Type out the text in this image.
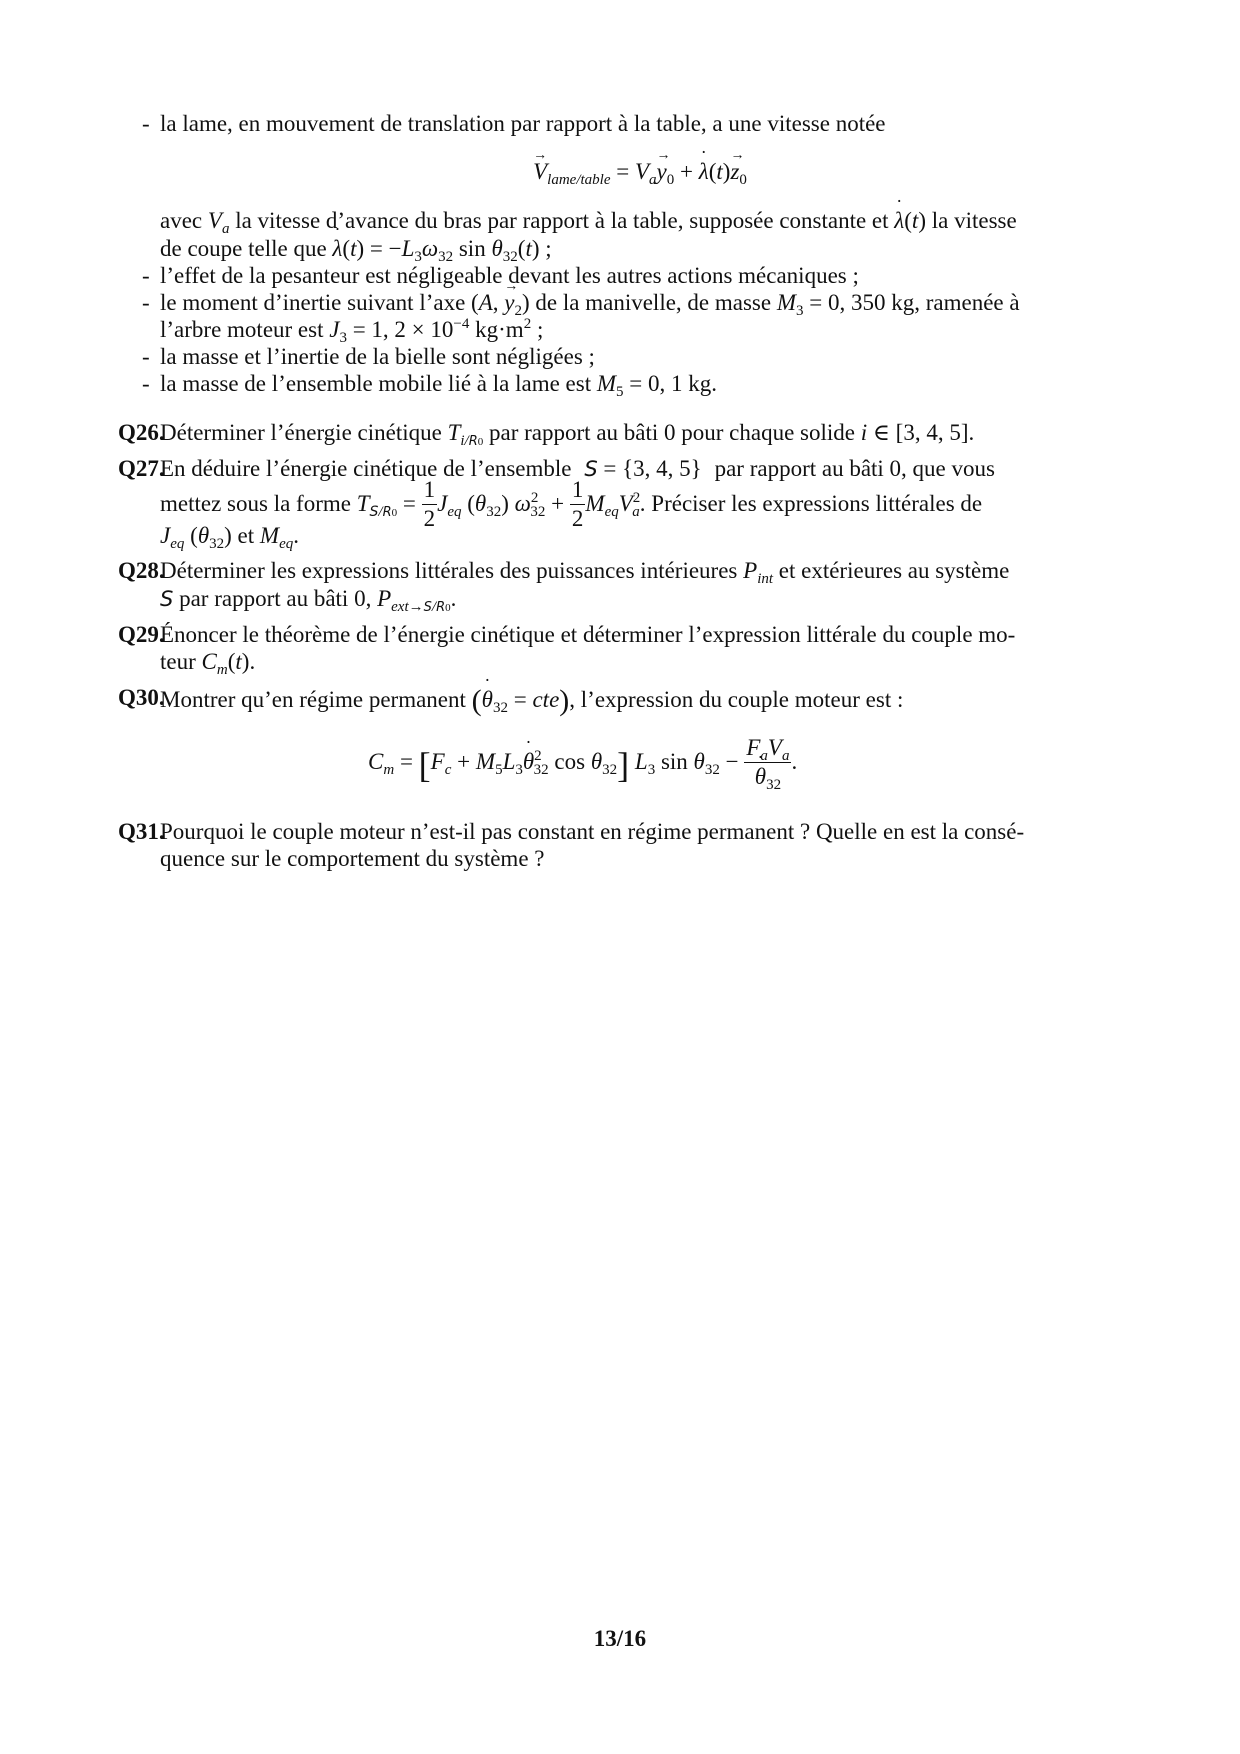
- la lame, en mouvement de translation par rapport à la table, a une vitesse notée
$V \to_{lame/table} = V_ay \to_0 + \lambda$ ˙(t)z $\to_0$
avec $V_a$ la vitesse d’avance du bras par rapport à la table, supposée constante et λ ˙(t) la vitesse
de coupe telle que λ ˙(t) = $-L_3\omega_{32}$ $\sin \theta_{32}(t)$ ;
- l’effet de la pesanteur est négligeable devant les autres actions mécaniques ;
- le moment d’inertie suivant l’axe (A, $y \to_2$) de la manivelle, de masse $M_3 = 0$, 350 kg, ramenée à
l’arbre moteur est $J_3 = 1$, $2 \times 10^{-4}$ $kg\cdot m^2$ ;
- la masse et l’inertie de la bielle sont négligées ;
- la masse de l’ensemble mobile lié à la lame est $M_5 = 0$, 1 kg.
Q26.
Déterminer l’énergie cinétique $T_{i/R0}$ par rapport au bâti 0 pour chaque solide i ∈ [3, 4, 5].
Q27.
En déduire l’énergie cinétique de l’ensemble S = {3, 4, 5} par rapport au bâti 0, que vous
mettez sous la forme
$T_{S/R0} = \frac{1}{2} J_{eq}$ $(\theta_{32}) \omega^2_{32} + \frac{1}{2} M_{eq}V^2_a$ . Préciser les expressions littérales de
$J_{eq}$ $(\theta_{32})$ et $M_{eq}$.
Q28.
Déterminer les expressions littérales des puissances intérieures $P_{int}$ et extérieures au système
S par rapport au bâti 0, $P_{ext\to S/R0}$.
Q29.
Énoncer le théorème de l’énergie cinétique et déterminer l’expression littérale du couple mo-
teur $C_m(t)$.
Q30.
Montrer qu’en régime permanent (θ $˙_{32} = cte$), l’expression du couple moteur est :
$C_m$ = [ $F_c + M_5L_3\theta$ ˙$^2_{32}$ $\cos \theta_{32}$ ]
$L_3$ $\sin \theta_{32} - \frac{F_aV_a}{\theta ˙_{32}}$ .
Q31.
Pourquoi le couple moteur n’est-il pas constant en régime permanent ? Quelle en est la consé-
quence sur le comportement du système ?
13/16
